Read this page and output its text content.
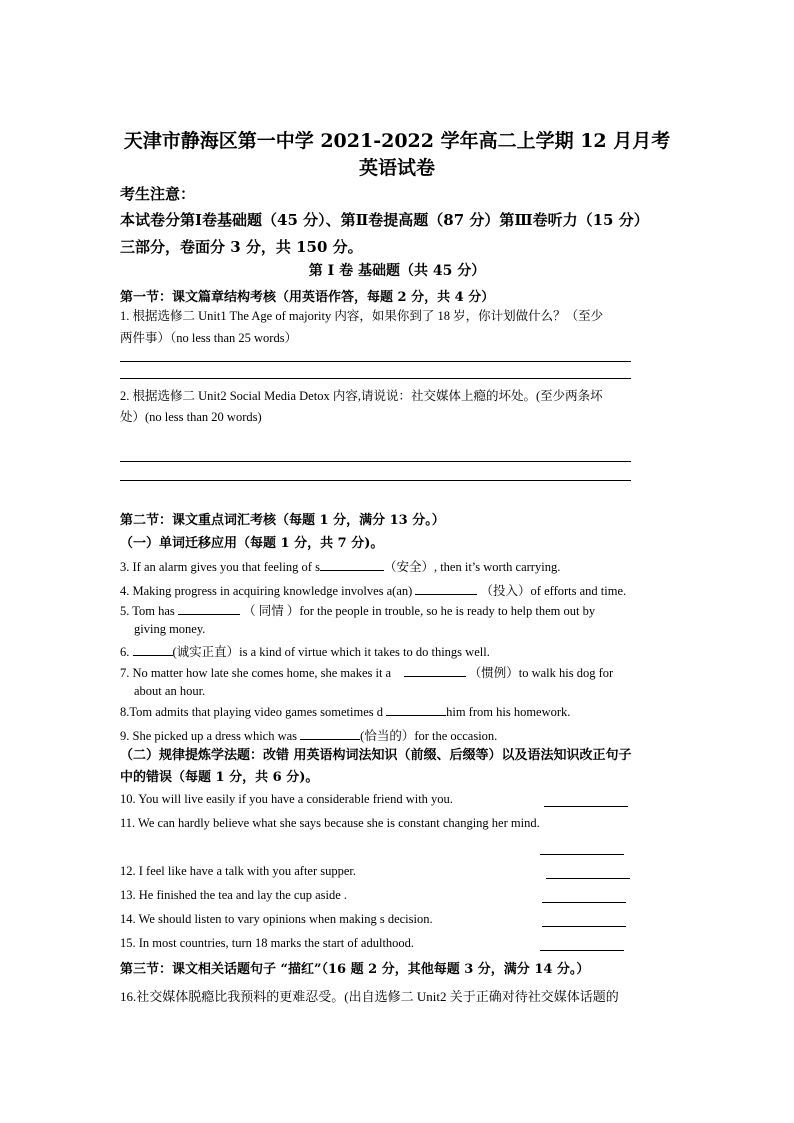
天津市静海区第一中学 2021-2022 学年高二上学期 12 月月考
英语试卷
考生注意：
本试卷分第Ⅰ卷基础题（45 分）、第Ⅱ卷提高题（87 分）第Ⅲ卷听力（15 分）
三部分，卷面分 3 分，共 150 分。
第 Ⅰ 卷 基础题（共 45 分）
第一节：课文篇章结构考核（用英语作答，每题 2 分，共 4 分）
1. 根据选修二 Unit1 The Age of majority 内容，如果你到了 18 岁，你计划做什么？（至少
两件事）（no less than 25 words）
2. 根据选修二 Unit2 Social Media Detox 内容,请说说：社交媒体上瘾的坏处。(至少两条坏
处）(no less than 20 words)
第二节：课文重点词汇考核（每题 1 分，满分 13 分。）
（一）单词迁移应用（每题 1 分，共 7 分)。
3. If an alarm gives you that feeling of s	（安全）, then it’s worth carrying.
4. Making progress in acquiring knowledge involves a(an)	（投入）of efforts and time.
5. Tom has	（ 同情 ）for the people in trouble, so he is ready to help them out by
giving money.
6.	(诚实正直）is a kind of virtue which it takes to do things well.
7. No matter how late she comes home, she makes it a	（惯例）to walk his dog for
about an hour.
8.Tom admits that playing video games sometimes d	him from his homework.
9. She picked up a dress which was	(恰当的）for the occasion.
（二）规律提炼学法题：改错 用英语构词法知识（前缀、后缀等）以及语法知识改正句子
中的错误（每题 1 分，共 6 分)。
10. You will live easily if you have a considerable friend with you.
11. We can hardly believe what she says because she is constant changing her mind.
12. I feel like have a talk with you after supper.
13. He finished the tea and lay the cup aside .
14. We should listen to vary opinions when making s decision.
15. In most countries, turn 18 marks the start of adulthood.
第三节：课文相关话题句子 “描红”（16 题 2 分，其他每题 3 分，满分 14 分。）
16.社交媒体脱瘾比我预料的更难忍受。(出自选修二 Unit2 关于正确对待社交媒体话题的
